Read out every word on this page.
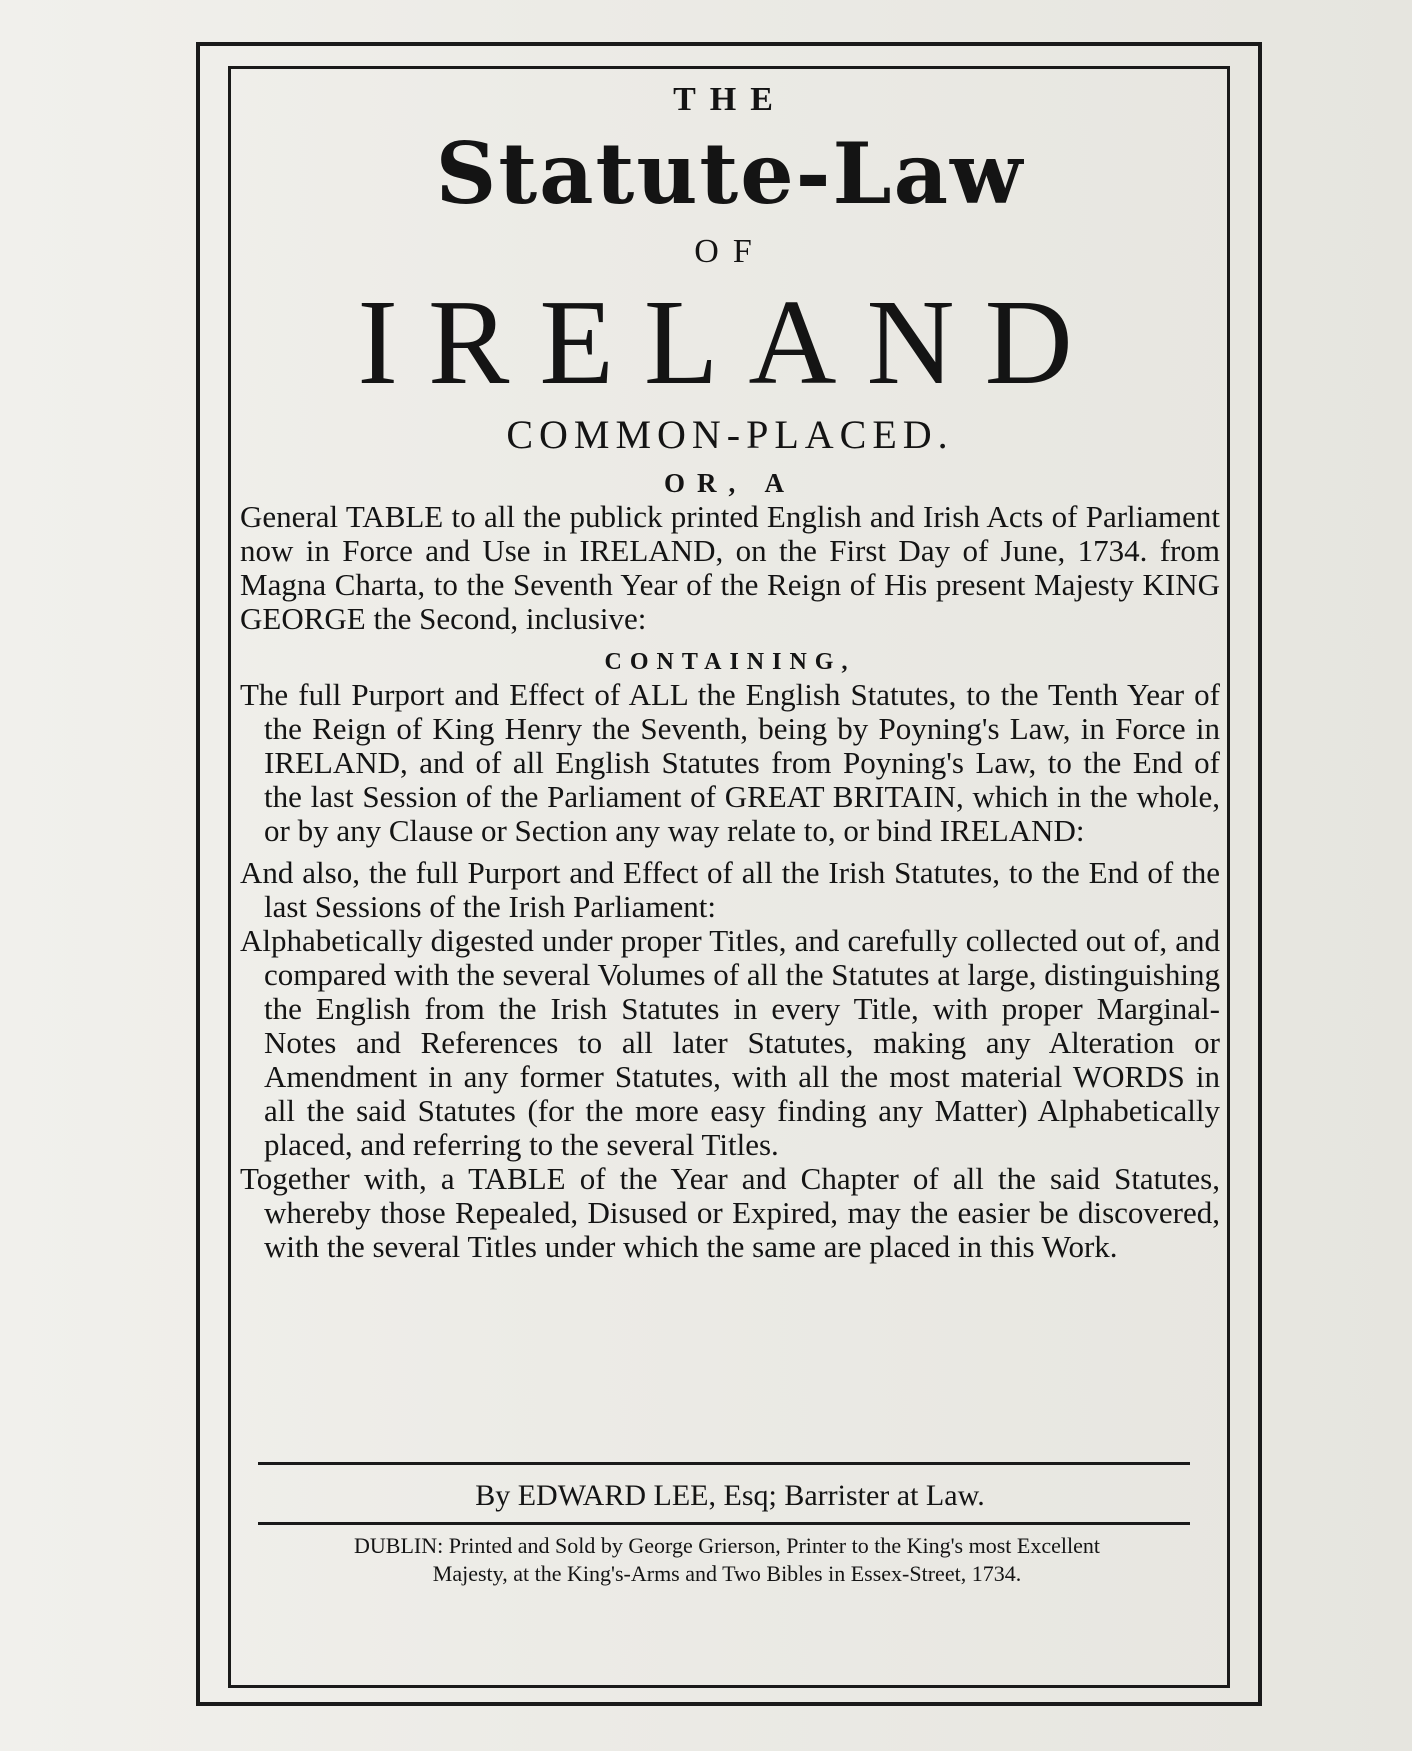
THE
Statute-Law
OF
IRELAND
COMMON-PLACED.
OR, A

General TABLE to all the publick printed English and Irish Acts of Parliament now in Force and Use in IRELAND, on the First Day of June, 1734. from Magna Charta, to the Seventh Year of the Reign of His present Majesty KING GEORGE the Second, inclusive:

CONTAINING,

The full Purport and Effect of ALL the English Statutes, to the Tenth Year of the Reign of King Henry the Seventh, being by Poyning's Law, in Force in IRELAND, and of all English Statutes from Poyning's Law, to the End of the last Session of the Parliament of GREAT BRITAIN, which in the whole, or by any Clause or Section any way relate to, or bind IRELAND:

And also, the full Purport and Effect of all the Irish Statutes, to the End of the last Sessions of the Irish Parliament:

Alphabetically digested under proper Titles, and carefully collected out of, and compared with the several Volumes of all the Statutes at large, distinguishing the English from the Irish Statutes in every Title, with proper Marginal-Notes and References to all later Statutes, making any Alteration or Amendment in any former Statutes, with all the most material WORDS in all the said Statutes (for the more easy finding any Matter) Alphabetically placed, and referring to the several Titles.

Together with, a TABLE of the Year and Chapter of all the said Statutes, whereby those Repealed, Disused or Expired, may the easier be discovered, with the several Titles under which the same are placed in this Work.

By EDWARD LEE, Esq; Barrister at Law.
DUBLIN: Printed and Sold by George Grierson, Printer to the King's most Excellent
Majesty, at the King's-Arms and Two Bibles in Essex-Street, 1734.
